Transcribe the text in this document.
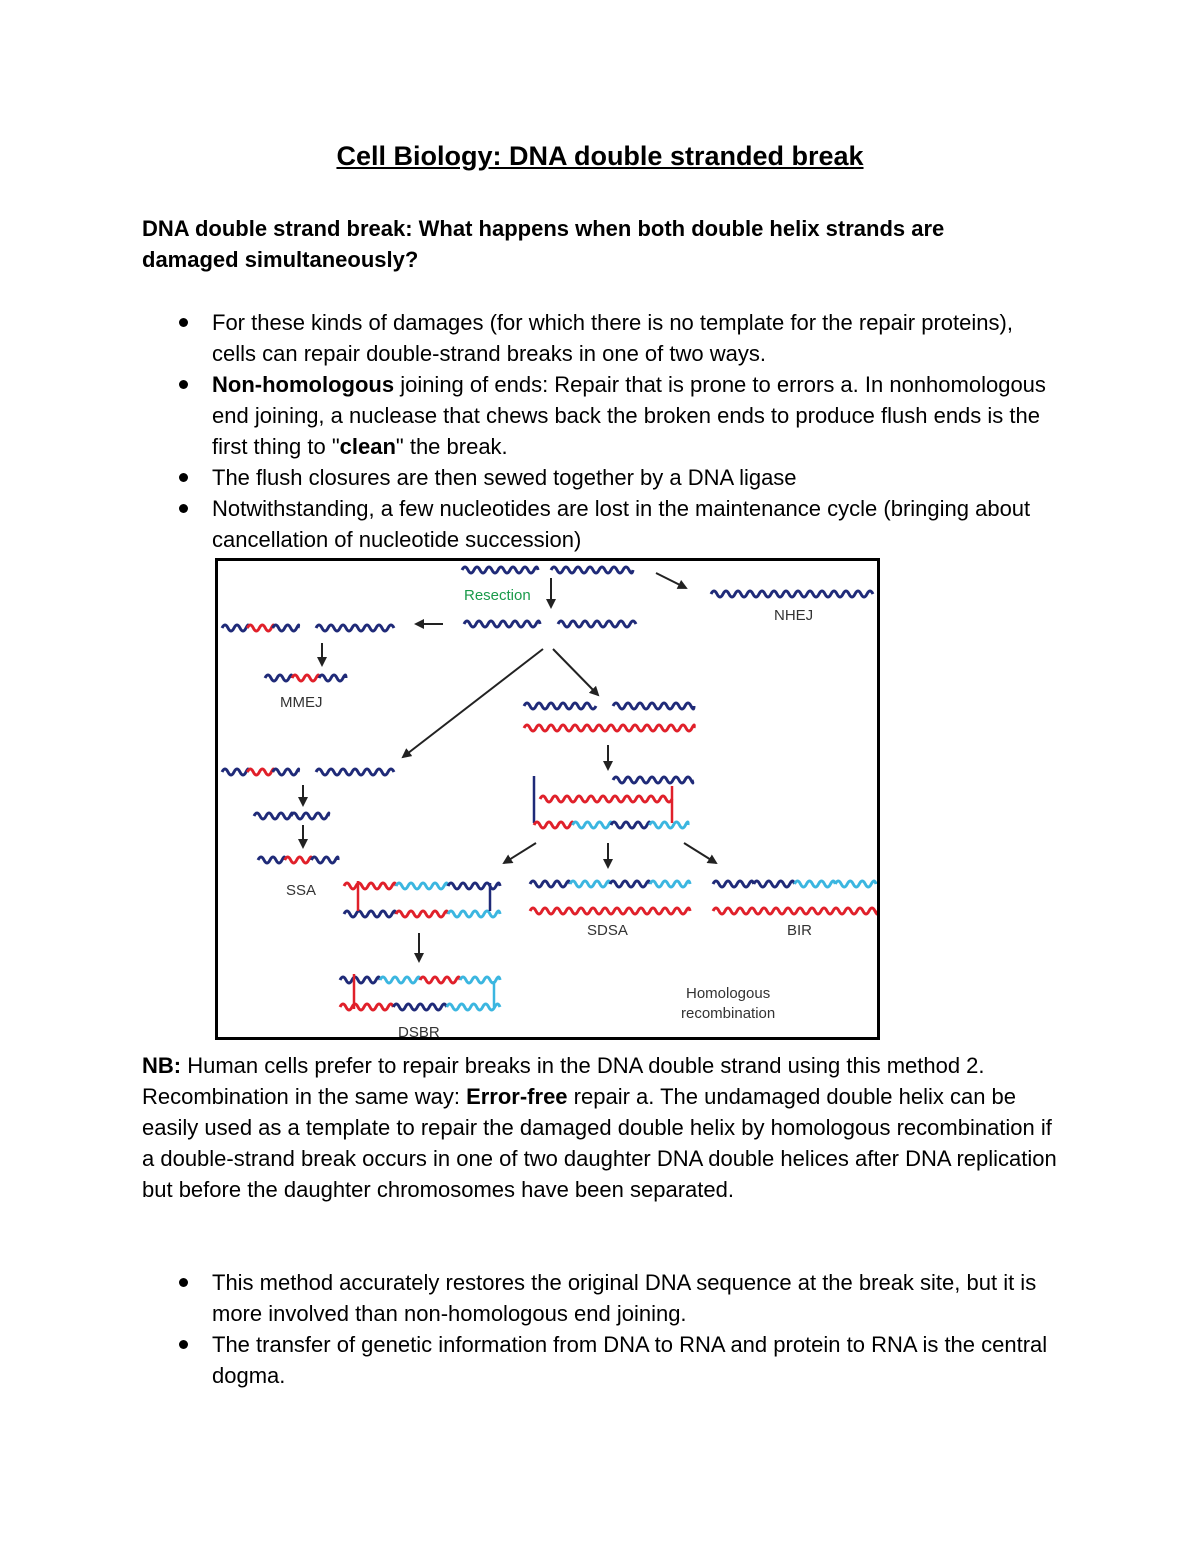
Cell Biology: DNA double stranded break
DNA double strand break: What happens when both double helix strands are damaged simultaneously?
For these kinds of damages (for which there is no template for the repair proteins), cells can repair double-strand breaks in one of two ways.
Non-homologous joining of ends: Repair that is prone to errors a. In nonhomologous end joining, a nuclease that chews back the broken ends to produce flush ends is the first thing to "clean" the break.
The flush closures are then sewed together by a DNA ligase
Notwithstanding, a few nucleotides are lost in the maintenance cycle (bringing about cancellation of nucleotide succession)
Resection
NHEJ
MMEJ
SSA
SDSA	BIR
DSBR
Homologous
recombination
NB: Human cells prefer to repair breaks in the DNA double strand using this method 2. Recombination in the same way: Error-free repair a. The undamaged double helix can be easily used as a template to repair the damaged double helix by homologous recombination if a double-strand break occurs in one of two daughter DNA double helices after DNA replication but before the daughter chromosomes have been separated.
This method accurately restores the original DNA sequence at the break site, but it is more involved than non-homologous end joining.
The transfer of genetic information from DNA to RNA and protein to RNA is the central dogma.
